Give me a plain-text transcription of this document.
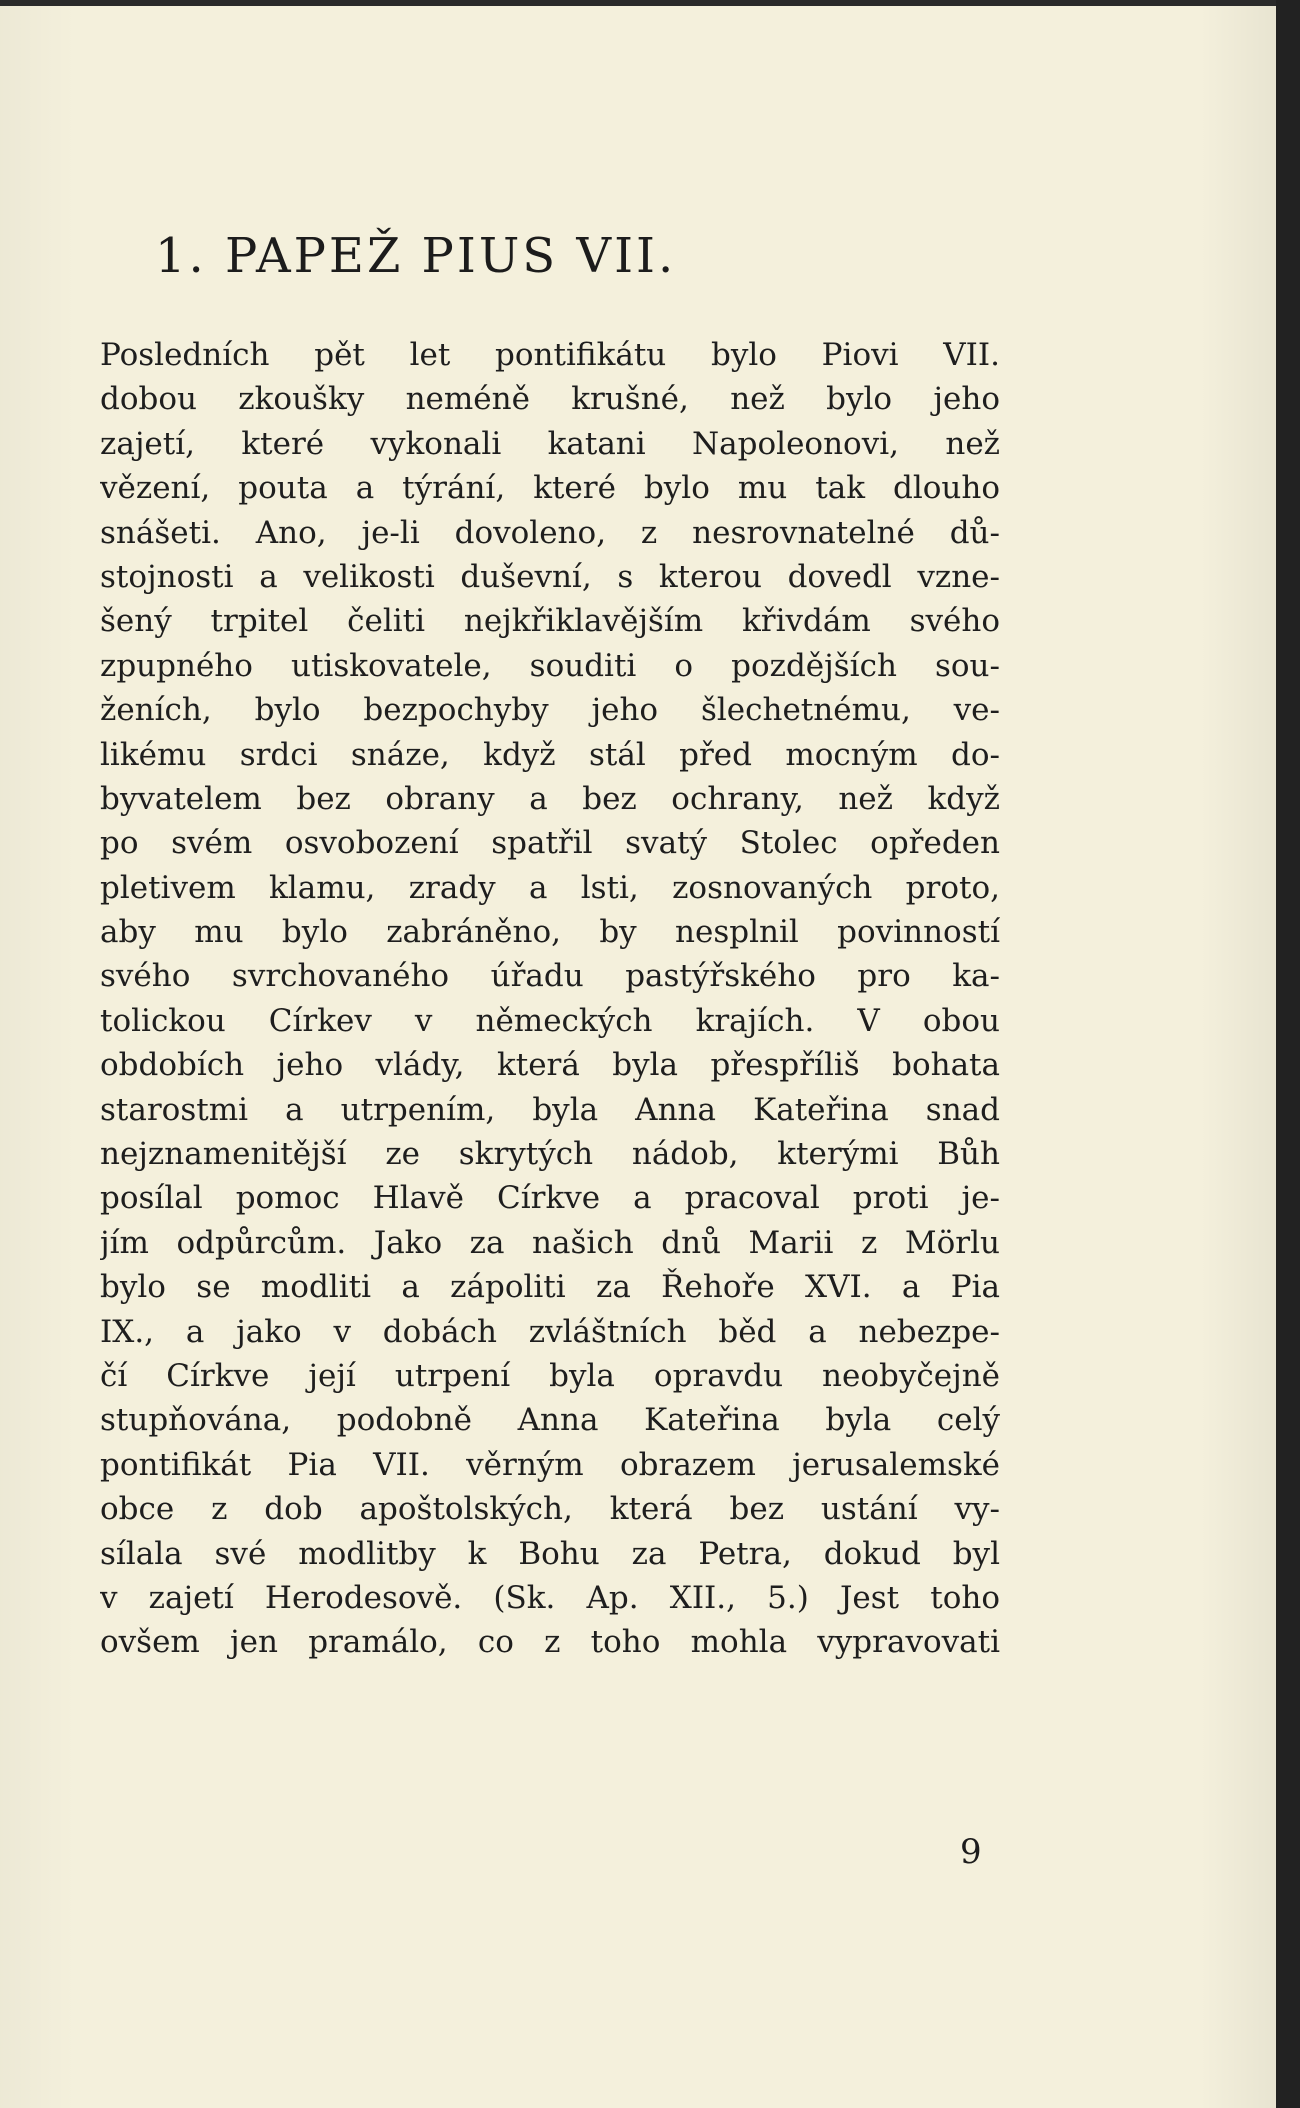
1. PAPEŽ PIUS VII.
Posledních pět let pontifikátu bylo Piovi VII.
dobou zkoušky neméně krušné, než bylo jeho
zajetí, které vykonali katani Napoleonovi, než
vězení, pouta a týrání, které bylo mu tak dlouho
snášeti. Ano, je-li dovoleno, z nesrovnatelné dů-
stojnosti a velikosti duševní, s kterou dovedl vzne-
šený trpitel čeliti nejkřiklavějším křivdám svého
zpupného utiskovatele, souditi o pozdějších sou-
ženích, bylo bezpochyby jeho šlechetnému, ve-
likému srdci snáze, když stál před mocným do-
byvatelem bez obrany a bez ochrany, než když
po svém osvobození spatřil svatý Stolec opředen
pletivem klamu, zrady a lsti, zosnovaných proto,
aby mu bylo zabráněno, by nesplnil povinností
svého svrchovaného úřadu pastýřského pro ka-
tolickou Církev v německých krajích. V obou
obdobích jeho vlády, která byla přespříliš bohata
starostmi a utrpením, byla Anna Kateřina snad
nejznamenitější ze skrytých nádob, kterými Bůh
posílal pomoc Hlavě Církve a pracoval proti je-
jím odpůrcům. Jako za našich dnů Marii z Mörlu
bylo se modliti a zápoliti za Řehoře XVI. a Pia
IX., a jako v dobách zvláštních běd a nebezpe-
čí Církve její utrpení byla opravdu neobyčejně
stupňována, podobně Anna Kateřina byla celý
pontifikát Pia VII. věrným obrazem jerusalemské
obce z dob apoštolských, která bez ustání vy-
sílala své modlitby k Bohu za Petra, dokud byl
v zajetí Herodesově. (Sk. Ap. XII., 5.) Jest toho
ovšem jen pramálo, co z toho mohla vypravovati

9
